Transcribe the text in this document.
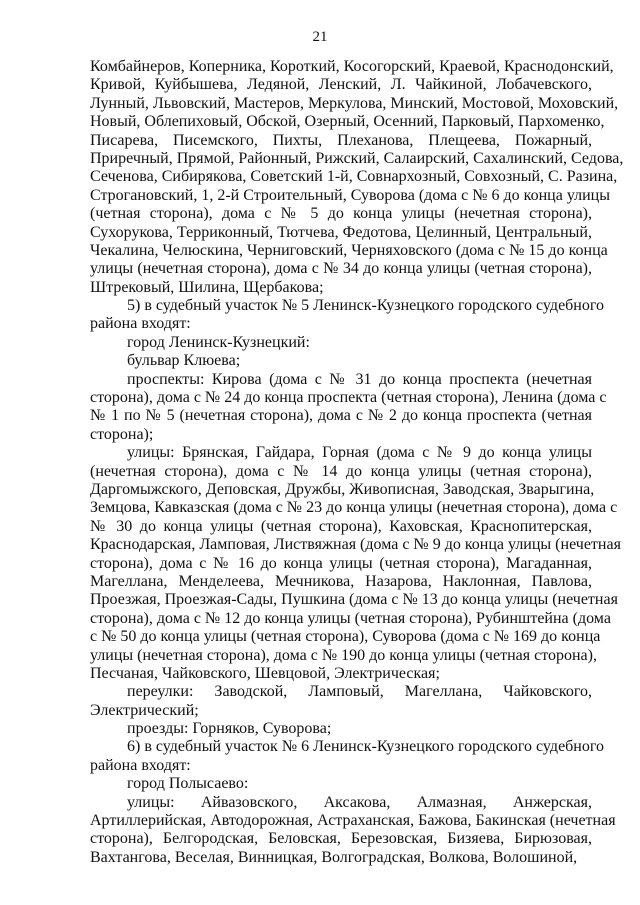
21
Комбайнеров, Коперника, Короткий, Косогорский, Краевой, Краснодонский,
Кривой, Куйбышева, Ледяной, Ленский, Л. Чайкиной, Лобачевского,
Лунный, Львовский, Мастеров, Меркулова, Минский, Мостовой, Моховский,
Новый, Облепиховый, Обской, Озерный, Осенний, Парковый, Пархоменко,
Писарева, Писемского, Пихты, Плеханова, Плещеева, Пожарный,
Приречный, Прямой, Районный, Рижский, Салаирский, Сахалинский, Седова,
Сеченова, Сибирякова, Советский 1-й, Совнархозный, Совхозный, С. Разина,
Строгановский, 1, 2-й Строительный, Суворова (дома с № 6 до конца улицы
(четная сторона), дома с № 5 до конца улицы (нечетная сторона),
Сухорукова, Терриконный, Тютчева, Федотова, Целинный, Центральный,
Чекалина, Челюскина, Черниговский, Черняховского (дома с № 15 до конца
улицы (нечетная сторона), дома с № 34 до конца улицы (четная сторона),
Штрековый, Шилина, Щербакова;
5) в судебный участок № 5 Ленинск-Кузнецкого городского судебного
района входят:
город Ленинск-Кузнецкий:
бульвар Клюева;
проспекты: Кирова (дома с № 31 до конца проспекта (нечетная
сторона), дома с № 24 до конца проспекта (четная сторона), Ленина (дома с
№ 1 по № 5 (нечетная сторона), дома с № 2 до конца проспекта (четная
сторона);
улицы: Брянская, Гайдара, Горная (дома с № 9 до конца улицы
(нечетная сторона), дома с № 14 до конца улицы (четная сторона),
Даргомыжского, Деповская, Дружбы, Живописная, Заводская, Зварыгина,
Земцова, Кавказская (дома с № 23 до конца улицы (нечетная сторона), дома с
№ 30 до конца улицы (четная сторона), Каховская, Краснопитерская,
Краснодарская, Ламповая, Листвяжная (дома с № 9 до конца улицы (нечетная
сторона), дома с № 16 до конца улицы (четная сторона), Магаданная,
Магеллана, Менделеева, Мечникова, Назарова, Наклонная, Павлова,
Проезжая, Проезжая-Сады, Пушкина (дома с № 13 до конца улицы (нечетная
сторона), дома с № 12 до конца улицы (четная сторона), Рубинштейна (дома
с № 50 до конца улицы (четная сторона), Суворова (дома с № 169 до конца
улицы (нечетная сторона), дома с № 190 до конца улицы (четная сторона),
Песчаная, Чайковского, Шевцовой, Электрическая;
переулки: Заводской, Ламповый, Магеллана, Чайковского,
Электрический;
проезды: Горняков, Суворова;
6) в судебный участок № 6 Ленинск-Кузнецкого городского судебного
района входят:
город Полысаево:
улицы: Айвазовского, Аксакова, Алмазная, Анжерская,
Артиллерийская, Автодорожная, Астраханская, Бажова, Бакинская (нечетная
сторона), Белгородская, Беловская, Березовская, Бизяева, Бирюзовая,
Вахтангова, Веселая, Винницкая, Волгоградская, Волкова, Волошиной,
